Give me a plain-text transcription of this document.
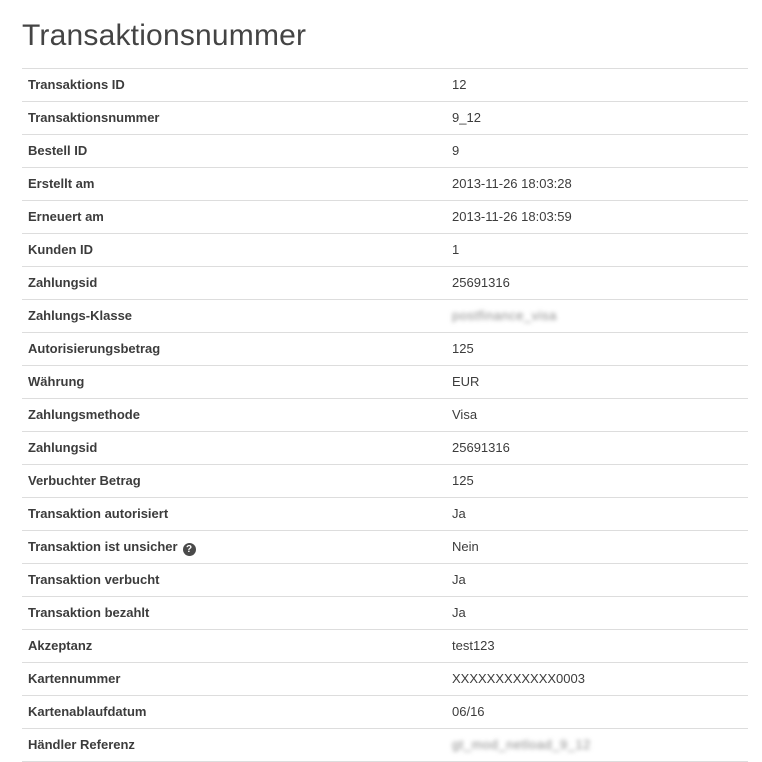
Transaktionsnummer
Transaktions ID	12
Transaktionsnummer	9_12
Bestell ID	9
Erstellt am	2013-11-26 18:03:28
Erneuert am	2013-11-26 18:03:59
Kunden ID	1
Zahlungsid	25691316
Zahlungs-Klasse	postfinance_visa
Autorisierungsbetrag	125
Währung	EUR
Zahlungsmethode	Visa
Zahlungsid	25691316
Verbuchter Betrag	125
Transaktion autorisiert	Ja
Transaktion ist unsicher ?	Nein
Transaktion verbucht	Ja
Transaktion bezahlt	Ja
Akzeptanz	test123
Kartennummer	XXXXXXXXXXXX0003
Kartenablaufdatum	06/16
Händler Referenz	gt_mod_netload_9_12
